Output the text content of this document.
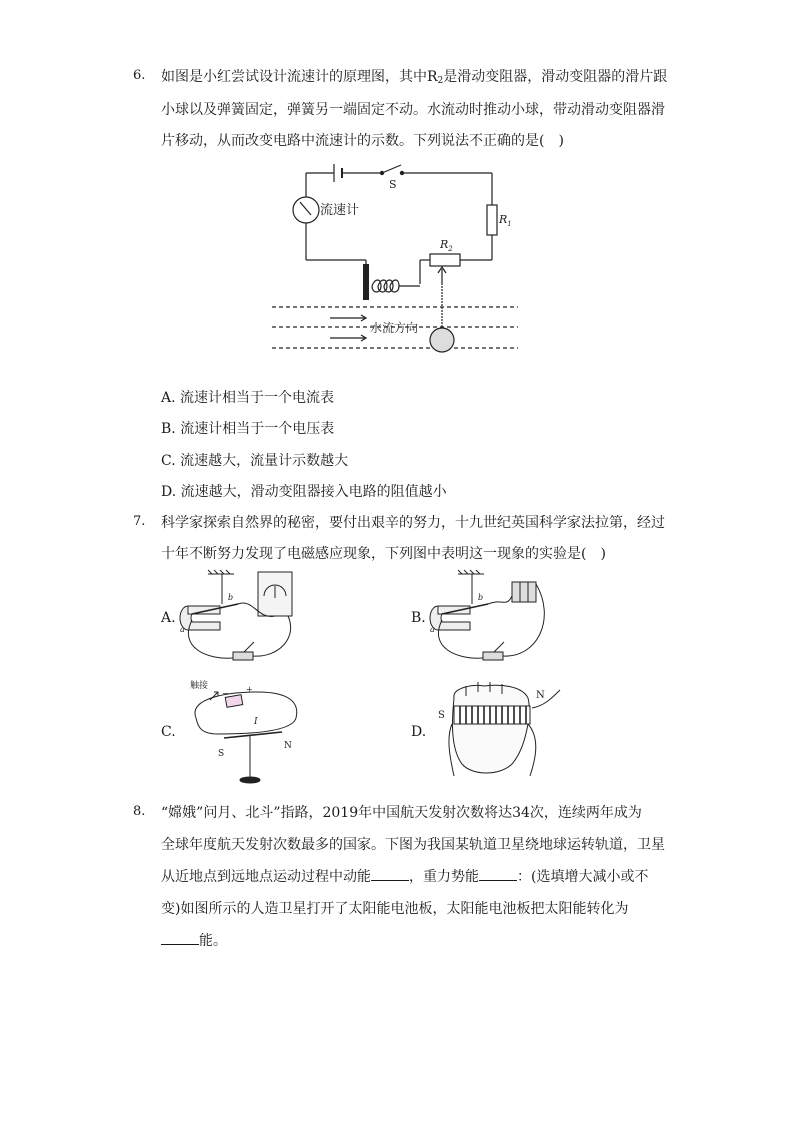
6. 如图是小红尝试设计流速计的原理图，其中$R_2$是滑动变阻器，滑动变阻器的滑片跟
小球以及弹簧固定，弹簧另一端固定不动。水流动时推动小球，带动滑动变阻器滑
片移动，从而改变电路中流速计的示数。下列说法不正确的是(　)
流速计
S
$R_1$
$R_2$
水流方向
A. 流速计相当于一个电流表
B. 流速计相当于一个电压表
C. 流速越大，流量计示数越大
D. 流速越大，滑动变阻器接入电路的阻值越小
7. 科学家探索自然界的秘密，要付出艰辛的努力，十九世纪英国科学家法拉第，经过
十年不断努力发现了电磁感应现象，下列图中表明这一现象的实验是(　)
A.	B.
C.	D.
a
b
a
b
触接
− +
I
S
N
S
N
8. “嫦娥”问月、北斗”指路，2019年中国航天发射次数将达34次，连续两年成为
全球年度航天发射次数最多的国家。下图为我国某轨道卫星绕地球运转轨道，卫星
从近地点到远地点运动过程中动能	，重力势能	：(选填增大减小或不
变)如图所示的人造卫星打开了太阳能电池板，太阳能电池板把太阳能转化为
能。
